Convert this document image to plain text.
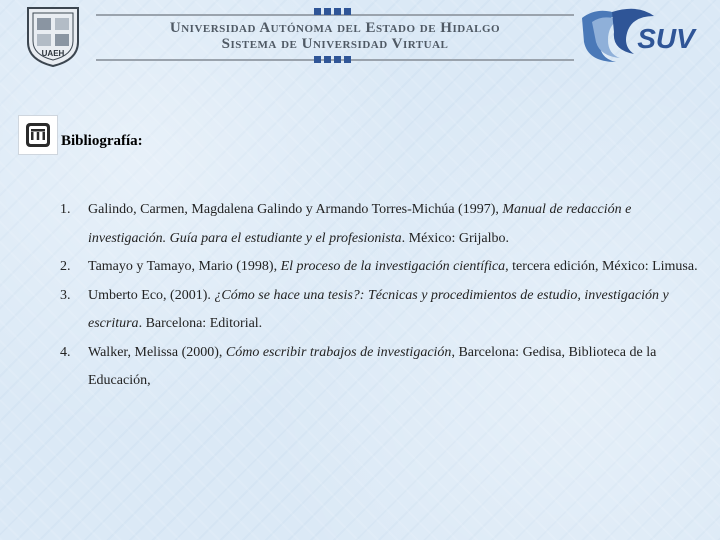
UAEH
Universidad Autónoma del Estado de Hidalgo
Sistema de Universidad Virtual	SUV
Bibliografía:
1. Galindo, Carmen, Magdalena Galindo y Armando Torres-Michúa (1997), Manual de redacción e investigación. Guía para el estudiante y el profesionista. México: Grijalbo.

2. Tamayo y Tamayo, Mario (1998), El proceso de la investigación científica, tercera edición, México: Limusa.

3. Umberto Eco, (2001). ¿Cómo se hace una tesis?: Técnicas y procedimientos de estudio, investigación y escritura. Barcelona: Editorial.

4. Walker, Melissa (2000), Cómo escribir trabajos de investigación, Barcelona: Gedisa, Biblioteca de la Educación,
